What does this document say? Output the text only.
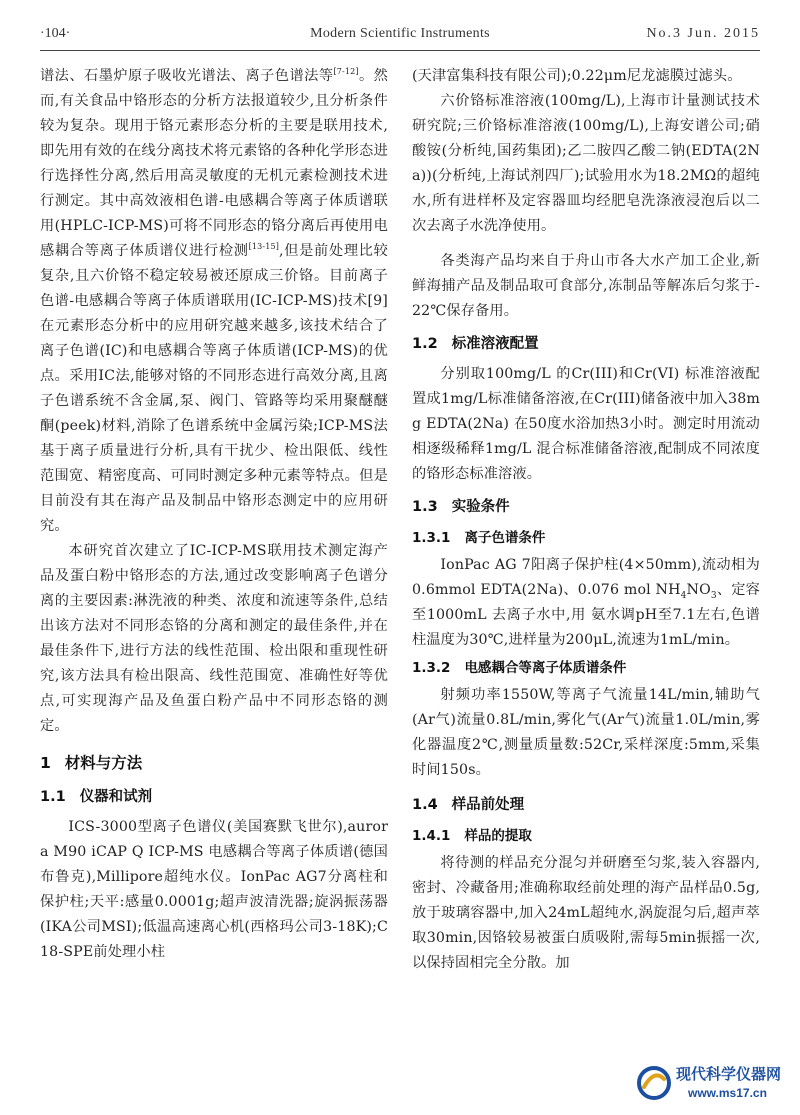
·104·	Modern Scientific Instruments	No.3 Jun. 2015

谱法、石墨炉原子吸收光谱法、离子色谱法等[7-12]。然而,有关食品中铬形态的分析方法报道较少,且分析条件较为复杂。现用于铬元素形态分析的主要是联用技术,即先用有效的在线分离技术将元素铬的各种化学形态进行选择性分离,然后用高灵敏度的无机元素检测技术进行测定。其中高效液相色谱-电感耦合等离子体质谱联用(HPLC-ICP-MS)可将不同形态的铬分离后再使用电感耦合等离子体质谱仪进行检测[13-15],但是前处理比较复杂,且六价铬不稳定较易被还原成三价铬。目前离子色谱-电感耦合等离子体质谱联用(IC-ICP-MS)技术[9]在元素形态分析中的应用研究越来越多,该技术结合了离子色谱(IC)和电感耦合等离子体质谱(ICP-MS)的优点。采用IC法,能够对铬的不同形态进行高效分离,且离子色谱系统不含金属,泵、阀门、管路等均采用聚醚醚酮(peek)材料,消除了色谱系统中金属污染;ICP-MS法基于离子质量进行分析,具有干扰少、检出限低、线性范围宽、精密度高、可同时测定多种元素等特点。但是目前没有其在海产品及制品中铬形态测定中的应用研究。

本研究首次建立了IC-ICP-MS联用技术测定海产品及蛋白粉中铬形态的方法,通过改变影响离子色谱分离的主要因素:淋洗液的种类、浓度和流速等条件,总结出该方法对不同形态铬的分离和测定的最佳条件,并在最佳条件下,进行方法的线性范围、检出限和重现性研究,该方法具有检出限高、线性范围宽、准确性好等优点,可实现海产品及鱼蛋白粉产品中不同形态铬的测定。

1 材料与方法
1.1 仪器和试剂

ICS-3000型离子色谱仪(美国赛默飞世尔),aurora M90 iCAP Q ICP-MS 电感耦合等离子体质谱(德国布鲁克),Millipore超纯水仪。IonPac AG7分离柱和保护柱;天平:感量0.0001g;超声波清洗器;旋涡振荡器(IKA公司MSI);低温高速离心机(西格玛公司3-18K);C18-SPE前处理小柱

(天津富集科技有限公司);0.22μm尼龙滤膜过滤头。

六价铬标准溶液(100mg/L),上海市计量测试技术研究院;三价铬标准溶液(100mg/L),上海安谱公司;硝酸铵(分析纯,国药集团);乙二胺四乙酸二钠(EDTA(2Na))(分析纯,上海试剂四厂);试验用水为18.2MΩ的超纯水,所有进样杯及定容器皿均经肥皂洗涤液浸泡后以二次去离子水洗净使用。

各类海产品均来自于舟山市各大水产加工企业,新鲜海捕产品及制品取可食部分,冻制品等解冻后匀浆于-22℃保存备用。

1.2 标准溶液配置

分别取100mg/L 的Cr(III)和Cr(VI) 标准溶液配置成1mg/L标准储备溶液,在Cr(III)储备液中加入38mg EDTA(2Na) 在50度水浴加热3小时。测定时用流动相逐级稀释1mg/L 混合标准储备溶液,配制成不同浓度的铬形态标准溶液。

1.3 实验条件
1.3.1 离子色谱条件

IonPac AG 7阳离子保护柱(4×50mm),流动相为0.6mmol EDTA(2Na)、0.076 mol $NH_4NO_3$、定容至1000mL 去离子水中,用 氨水调pH至7.1左右,色谱柱温度为30℃,进样量为200μL,流速为1mL/min。

1.3.2 电感耦合等离子体质谱条件

射频功率1550W,等离子气流量14L/min,辅助气(Ar气)流量0.8L/min,雾化气(Ar气)流量1.0L/min,雾化器温度2℃,测量质量数:52Cr,采样深度:5mm,采集时间150s。

1.4 样品前处理
1.4.1 样品的提取

将待测的样品充分混匀并研磨至匀浆,装入容器内,密封、冷藏备用;准确称取经前处理的海产品样品0.5g,放于玻璃容器中,加入24mL超纯水,涡旋混匀后,超声萃取30min,因铬较易被蛋白质吸附,需每5min振摇一次,以保持固相完全分散。加

现代科学仪器网
www.ms17.cn
